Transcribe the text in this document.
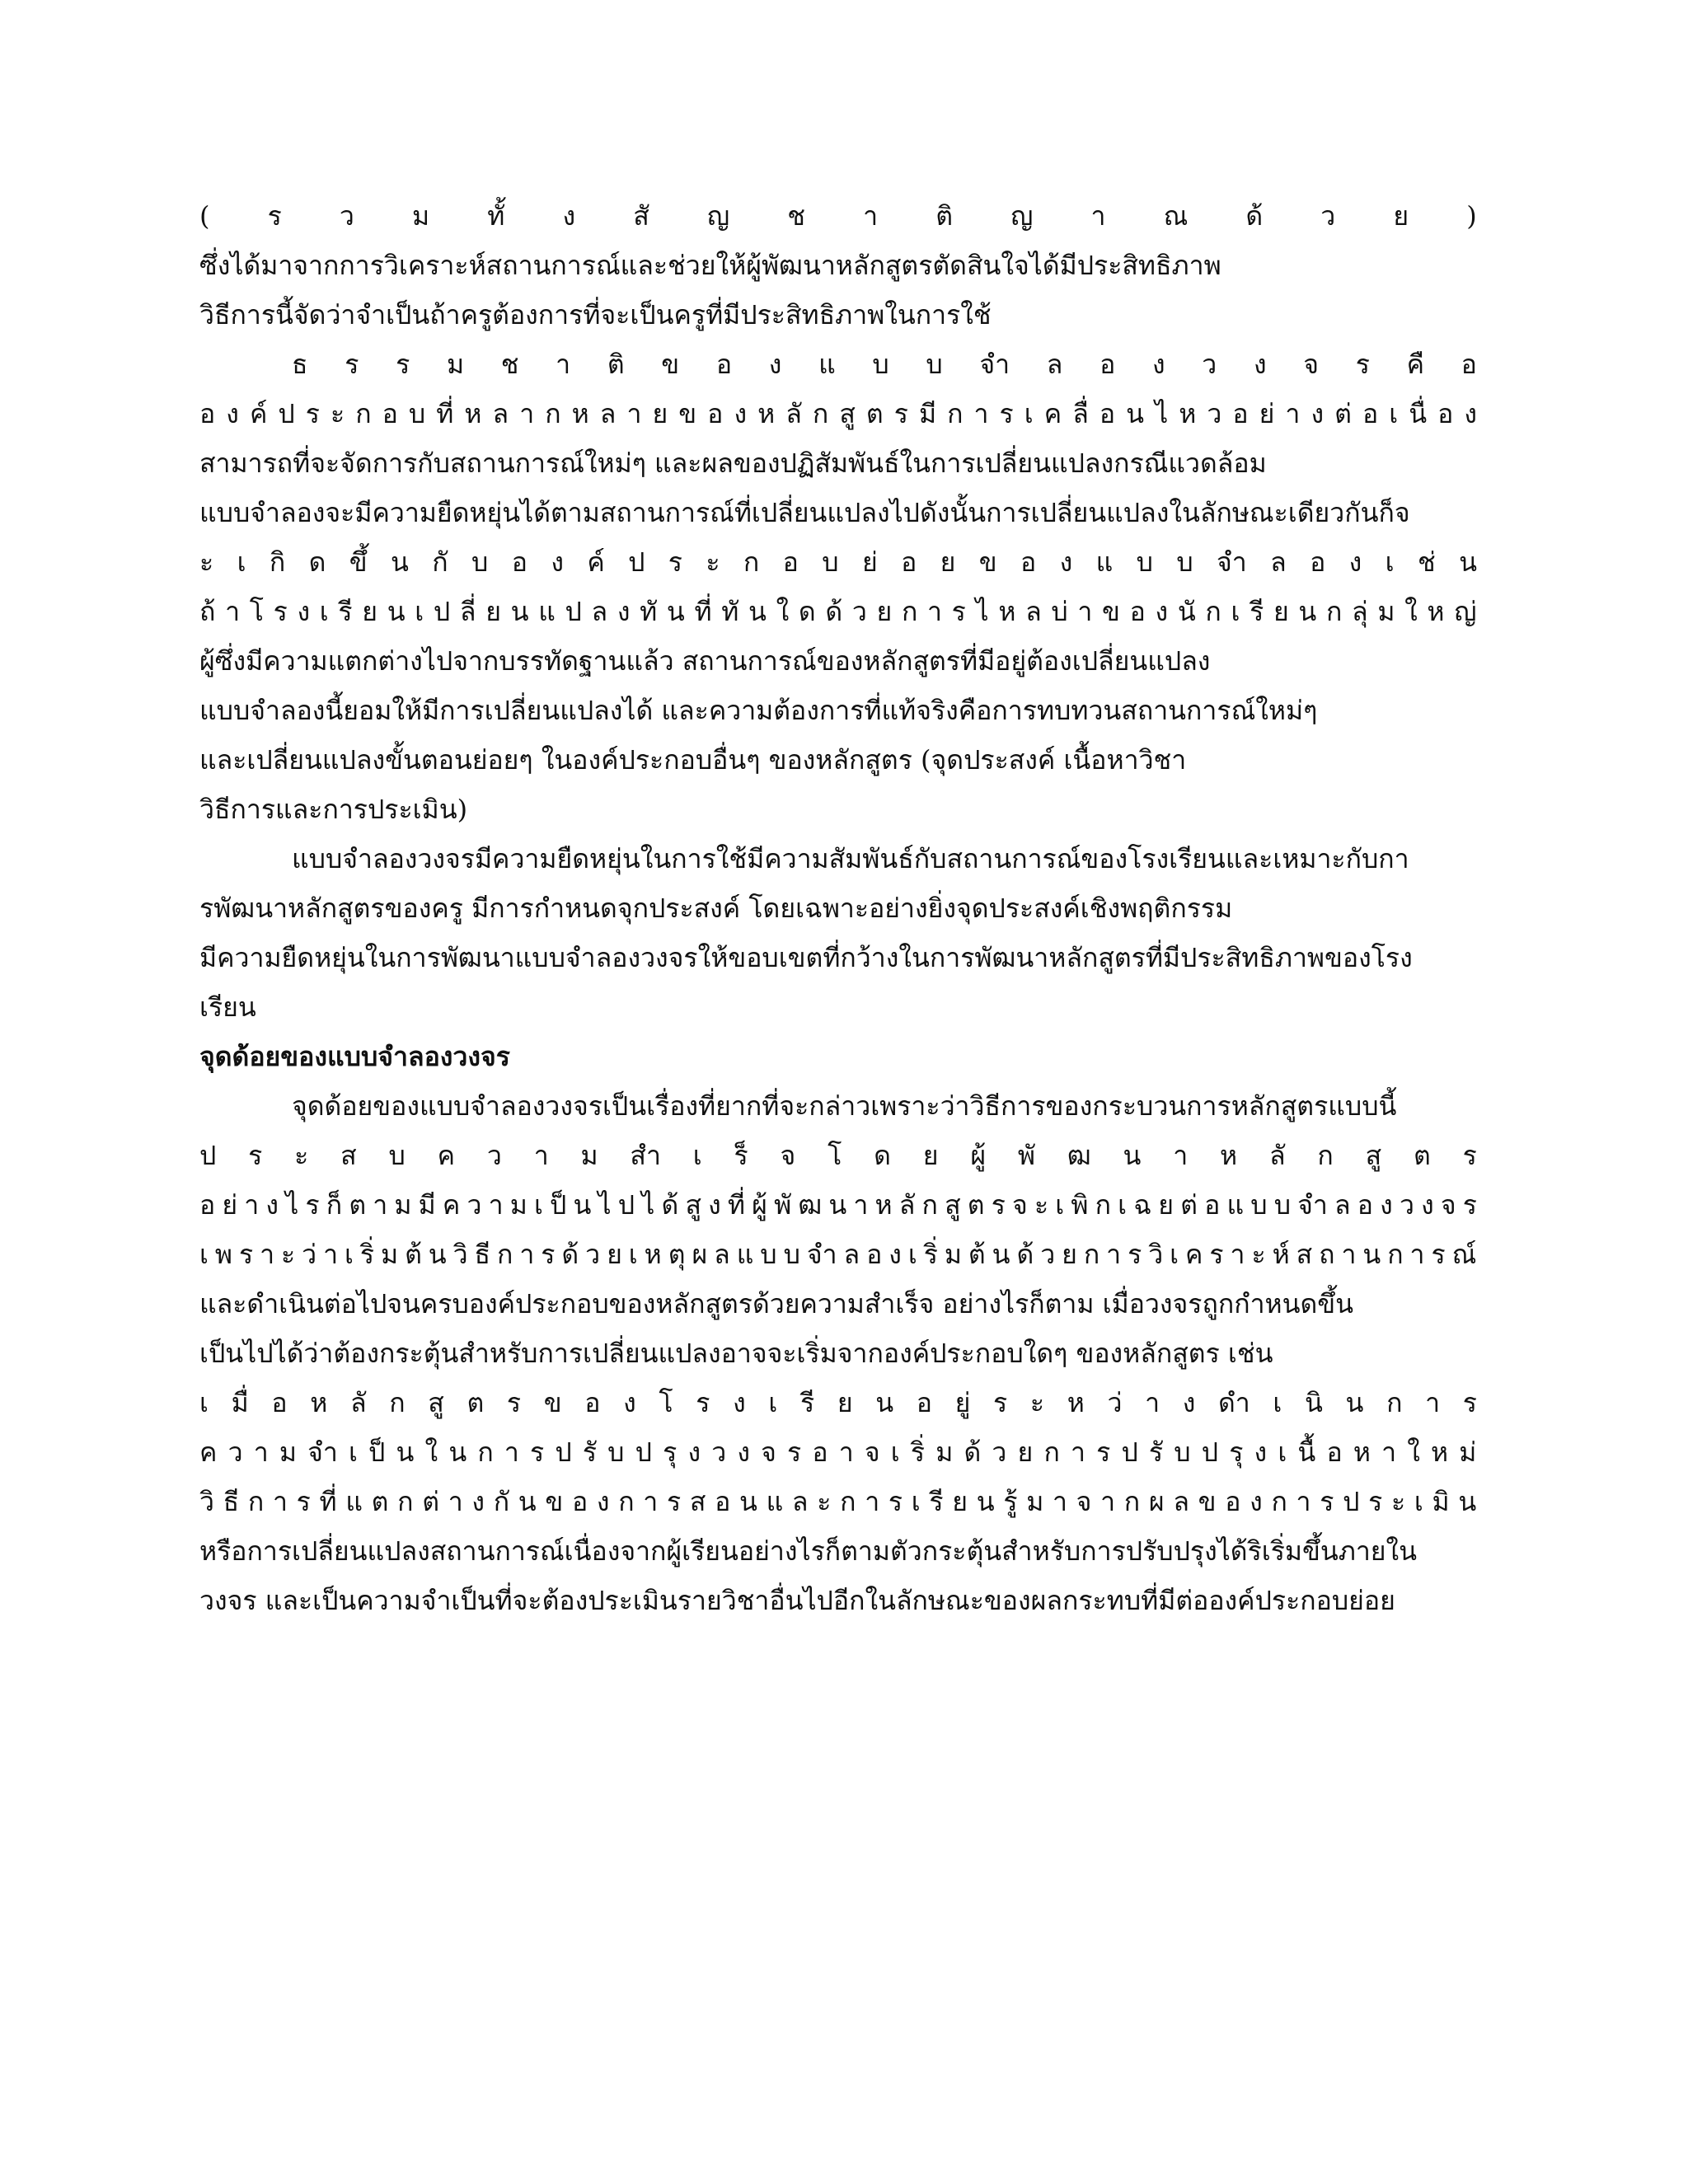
( ร ว ม ทั้ ง สั ญ ช า ติ ญ า ณ ด้ ว ย )
ซึ่งได้มาจากการวิเคราะห์สถานการณ์และช่วยให้ผู้พัฒนาหลักสูตรตัดสินใจได้มีประสิทธิภาพ
วิธีการนี้จัดว่าจำเป็นถ้าครูต้องการที่จะเป็นครูที่มีประสิทธิภาพในการใช้
ธ ร ร ม ช า ติ ข อ ง แ บ บ จำ ล อ ง ว ง จ ร คื อ
อ ง ค์ ป ร ะ ก อ บ ที่ ห ล า ก ห ล า ย ข อ ง ห ลั ก สู ต ร มี ก า ร เ ค ลื่ อ น ไ ห ว อ ย่ า ง ต่ อ เ นื่ อ ง
สามารถที่จะจัดการกับสถานการณ์ใหม่ๆ และผลของปฏิสัมพันธ์ในการเปลี่ยนแปลงกรณีแวดล้อม
แบบจำลองจะมีความยืดหยุ่นได้ตามสถานการณ์ที่เปลี่ยนแปลงไปดังนั้นการเปลี่ยนแปลงในลักษณะเดียวกันก็จ
ะ เ กิ ด ขึ้ น กั บ อ ง ค์ ป ร ะ ก อ บ ย่ อ ย ข อ ง แ บ บ จำ ล อ ง เ ช่ น
ถ้ า โ ร ง เ รี ย น เ ป ลี่ ย น แ ป ล ง ทั น ที่ ทั น ใ ด ด้ ว ย ก า ร ไ ห ล บ่ า ข อ ง นั ก เ รี ย น ก ลุ่ ม ใ ห ญ่
ผู้ซึ่งมีความแตกต่างไปจากบรรทัดฐานแล้ว สถานการณ์ของหลักสูตรที่มีอยู่ต้องเปลี่ยนแปลง
แบบจำลองนี้ยอมให้มีการเปลี่ยนแปลงได้ และความต้องการที่แท้จริงคือการทบทวนสถานการณ์ใหม่ๆ
และเปลี่ยนแปลงขั้นตอนย่อยๆ ในองค์ประกอบอื่นๆ ของหลักสูตร (จุดประสงค์ เนื้อหาวิชา
วิธีการและการประเมิน)
แบบจำลองวงจรมีความยืดหยุ่นในการใช้มีความสัมพันธ์กับสถานการณ์ของโรงเรียนและเหมาะกับกา
รพัฒนาหลักสูตรของครู มีการกำหนดจุกประสงค์ โดยเฉพาะอย่างยิ่งจุดประสงค์เชิงพฤติกรรม
มีความยืดหยุ่นในการพัฒนาแบบจำลองวงจรให้ขอบเขตที่กว้างในการพัฒนาหลักสูตรที่มีประสิทธิภาพของโรง
เรียน
จุดด้อยของแบบจำลองวงจร
จุดด้อยของแบบจำลองวงจรเป็นเรื่องที่ยากที่จะกล่าวเพราะว่าวิธีการของกระบวนการหลักสูตรแบบนี้
ป ร ะ ส บ ค ว า ม สำ เ ร็ จ โ ด ย ผู้ พั ฒ น า ห ลั ก สู ต ร
อ ย่ า ง ไ ร ก็ ต า ม มี ค ว า ม เ ป็ น ไ ป ไ ด้ สู ง ที่ ผู้ พั ฒ น า ห ลั ก สู ต ร จ ะ เ พิ ก เ ฉ ย ต่ อ แ บ บ จำ ล อ ง ว ง จ ร
เ พ ร า ะ ว่ า เ ริ่ ม ต้ น วิ ธี ก า ร ด้ ว ย เ ห ตุ ผ ล แ บ บ จำ ล อ ง เ ริ่ ม ต้ น ด้ ว ย ก า ร วิ เ ค ร า ะ ห์ ส ถ า น ก า ร ณ์
และดำเนินต่อไปจนครบองค์ประกอบของหลักสูตรด้วยความสำเร็จ อย่างไรก็ตาม เมื่อวงจรถูกกำหนดขึ้น
เป็นไปได้ว่าต้องกระตุ้นสำหรับการเปลี่ยนแปลงอาจจะเริ่มจากองค์ประกอบใดๆ ของหลักสูตร เช่น
เ มื่ อ ห ลั ก สู ต ร ข อ ง โ ร ง เ รี ย น อ ยู่ ร ะ ห ว่ า ง ดำ เ นิ น ก า ร
ค ว า ม จำ เ ป็ น ใ น ก า ร ป รั บ ป รุ ง ว ง จ ร อ า จ เ ริ่ ม ด้ ว ย ก า ร ป รั บ ป รุ ง เ นื้ อ ห า ใ ห ม่
วิ ธี ก า ร ที่ แ ต ก ต่ า ง กั น ข อ ง ก า ร ส อ น แ ล ะ ก า ร เ รี ย น รู้ ม า จ า ก ผ ล ข อ ง ก า ร ป ร ะ เ มิ น
หรือการเปลี่ยนแปลงสถานการณ์เนื่องจากผู้เรียนอย่างไรก็ตามตัวกระตุ้นสำหรับการปรับปรุงได้ริเริ่มขึ้นภายใน
วงจร และเป็นความจำเป็นที่จะต้องประเมินรายวิชาอื่นไปอีกในลักษณะของผลกระทบที่มีต่อองค์ประกอบย่อย
